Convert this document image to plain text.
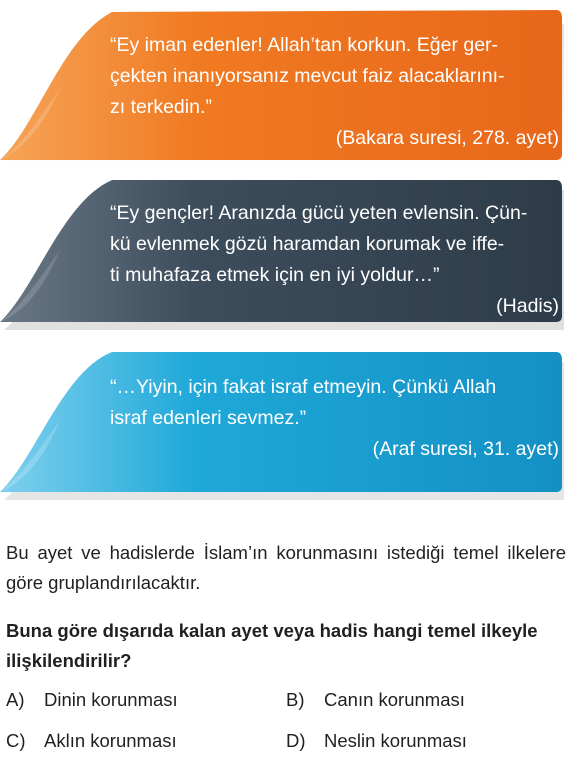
“Ey iman edenler! Allah’tan korkun. Eğer ger-
çekten inanıyorsanız mevcut faiz alacaklarını-
zı terkedin.”
(Bakara suresi, 278. ayet)
“Ey gençler! Aranızda gücü yeten evlensin. Çün-
kü evlenmek gözü haramdan korumak ve iffe-
ti muhafaza etmek için en iyi yoldur…”
(Hadis)
“…Yiyin, için fakat israf etmeyin. Çünkü Allah
israf edenleri sevmez.”
(Araf suresi, 31. ayet)
Bu ayet ve hadislerde İslam’ın korunmasını istediği temel ilkelere göre gruplandırılacaktır.
Buna göre dışarıda kalan ayet veya hadis hangi temel ilkeyle ilişkilendirilir?
A) Dinin korunması	B) Canın korunması
C) Aklın korunması	D) Neslin korunması
